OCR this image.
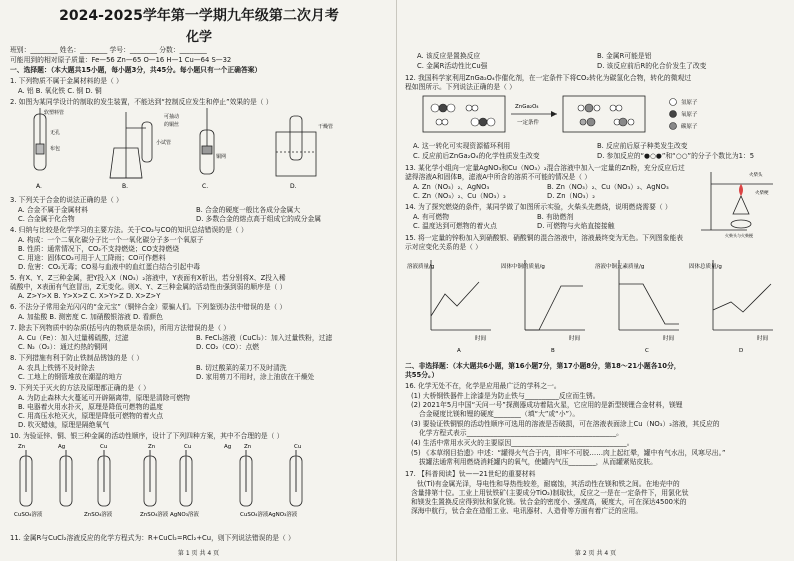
2024-2025学年第一学期九年级第二次月考
化学
班别：________ 姓名：________ 学号：________ 分数：________
可能用到的相对原子质量：Fe—56 Zn—65 O—16 H—1 Cu—64 S—32
一、选择题：（本大题共15小题，每小题3分，共45分。每小题只有一个正确答案）
1. 下列物质不属于金属材料的是（ ）
A. 铝 B. 氧化铁 C. 钢 D. 铜
2. 如图为某同学设计的制取的发生装置，不能达到“控制反应发生和停止”效果的是（ ）
软塑料管
无孔
布包
可抽动
的铜丝
小试管
铜网
干燥管
A.	B.	C.	D.
3. 下列关于合金的说法正确的是（ ）
A. 合金不属于金属材料	B. 合金的硬度一般比各成分金属大
C. 合金属于化合物	D. 多数合金的熔点高于组成它的成分金属
4. 归纳与比较是化学学习的主要方法。关于CO₂与CO的知识总结错误的是（ ）
A. 构成：一个二氧化碳分子比一个一氧化碳分子多一个氧原子
B. 性质：通常情况下，CO₂不支持燃烧；CO支持燃烧
C. 用途：固体CO₂可用于人工降雨；CO可作燃料
D. 危害：CO₂无毒；CO易与血液中的血红蛋白结合引起中毒
5. 有X、Y、Z三种金属，把Y投入X（NO₃）₂溶液中，Y表面有X析出，若分别将X、Z投入稀
硫酸中，X表面有气泡冒出，Z无变化。则X、Y、Z三种金属的活动性由强到弱的顺序是（ ）
A. Z>Y>X B. Y>X>Z C. X>Y>Z D. X>Z>Y
6. 不法分子常用金光闪闪的“金元宝”（铜锌合金）蒙骗人们。下列鉴别办法中错误的是（ ）
A. 加盐酸 B. 测密度 C. 加硝酸银溶液 D. 看颜色
7. 除去下列物质中的杂质(括号内的物质是杂质)，所用方法错误的是（ ）
A. Cu（Fe）：加入过量稀硫酸，过滤	B. FeCl₂溶液（CuCl₂）：加入过量铁粉，过滤
C. N₂（O₂）：通过灼热的铜网	D. CO₂（CO）：点燃
8. 下列措施有利于防止铁制品锈蚀的是（ ）
A. 农具上铁锈不及时除去	B. 切过酸菜的菜刀不及时清洗
C. 工地上的钢管堆放在潮湿的地方	D. 家用剪刀不用时，涂上油放在干燥处
9. 下列关于灭火的方法及原理都正确的是（ ）
A. 为防止森林大火蔓延可开辟隔离带，原理是清除可燃物
B. 电器着火用水扑灭，原理是降低可燃物的温度
C. 用高压水枪灭火，原理是降低可燃物的着火点
D. 吹灭蜡烛，原理是隔绝氧气
10. 为验证锌、铜、银三种金属的活动性顺序，设计了下列四种方案，其中不合理的是（ ）
Zn	Ag	Cu	Zn	Cu	Ag Zn	Cu
CuSO₄溶液	ZnSO₄溶液	ZnSO₄溶液 AgNO₃溶液	CuSO₄溶液AgNO₃溶液
11. 金属R与CuCl₂溶液反应的化学方程式为：R+CuCl₂=RCl₂+Cu，则下列说法错误的是（ ）
第 1 页 共 4 页
A. 该反应是置换反应	B. 金属R可能是铝
C. 金属R活动性比Cu强	D. 该反应前后R的化合价发生了改变
12. 我国科学家利用ZnGa₂O₄作催化剂，在一定条件下将CO₂转化为碳氢化合物，转化的微观过
程如图所示。下列说法正确的是（ ）
ZnGa₂O₄
一定条件
氢原子
氧原子
碳原子
A. 这一转化可实现资源循环利用	B. 反应前后原子种类发生改变
C. 反应前后ZnGa₂O₄的化学性质发生改变	D. 参加反应的“●○●”和“○○”的分子个数比为1：5
13. 某化学小组向一定量AgNO₃和Cu（NO₃）₂混合溶液中加入一定量的Zn粉，充分反应后过
滤得溶液A和固体B，滤液A中所含的溶质不可能的情况是（ ）
A. Zn（NO₃）₂、AgNO₃	B. Zn（NO₃）₂、Cu（NO₃）₂、AgNO₃
C. Zn（NO₃）₂、Cu（NO₃）₂	D. Zn（NO₃）₂
火柴头
火柴梗
火柴头与火柴梗
14. 为了探究燃烧的条件，某同学做了如图所示实验，火柴头先燃烧，说明燃烧需要（ ）
A. 有可燃物	B. 有助燃剂
C. 温度达到可燃物的着火点	D. 可燃物与火焰直接接触
15. 将一定量的锌粉加入到硝酸银、硝酸铜的混合溶液中，溶液最终变为无色。下列图象能表
示对应变化关系的是（ ）
溶液质量/g	固体中铜的质量/g	溶液中铜元素质量/g	固体总质量/g
时间	时间	时间	时间
A	B	C	D
二、非选择题：（本大题共6小题，第16小题7分，第17小题8分，第18～21小题各10分，
共55分。）
16. 化学无处不在，化学是应用最广泛的学科之一。
(1) 大桥钢铁器件上涂漆是为防止铁与__________反应而生锈。
(2) 2021年5月中国“天问一号”探测器成功着陆火星，它应用的是新型镁锂合金材料，镁锂
合金硬度比镁和锂的硬度________（填“大”或“小”）。
(3) 要验证铁铜银的活动性顺序可选用的溶液是否破损，可在溶液表面涂上Cu（NO₃）₂溶液，其反应的
化学方程式表示____________________________________________。
(4) 生活中常用水灭火的主要原因__________________________________。
(5) 《本草纲目拾遗》中述：“罐得火气合于内，即牢不可脱……肉上起红晕，罐中有气水出，风寒尽出。”
拔罐法通常利用燃烧消耗罐内的氧气，使罐内气压________，从而罐紧贴皮肤。
17. 【科普阅读】钛——21世纪的重要材料
钛(Ti)有金属光泽，导电性和导热性较差，耐腐蚀，其活动性在镁和铁之间。在地壳中的
含量排第十位。工业上用钛铁矿(主要成分TiO₂)制取钛，反应之一是在一定条件下，用氯化钛
和镁发生置换反应得到钛和氯化镁。钛合金的密度小、强度高，硬度大，可在深达4500米的
深海中航行，钛合金在造船工业、电讯器材、人造骨等方面有着广泛的应用。
第 2 页 共 4 页
